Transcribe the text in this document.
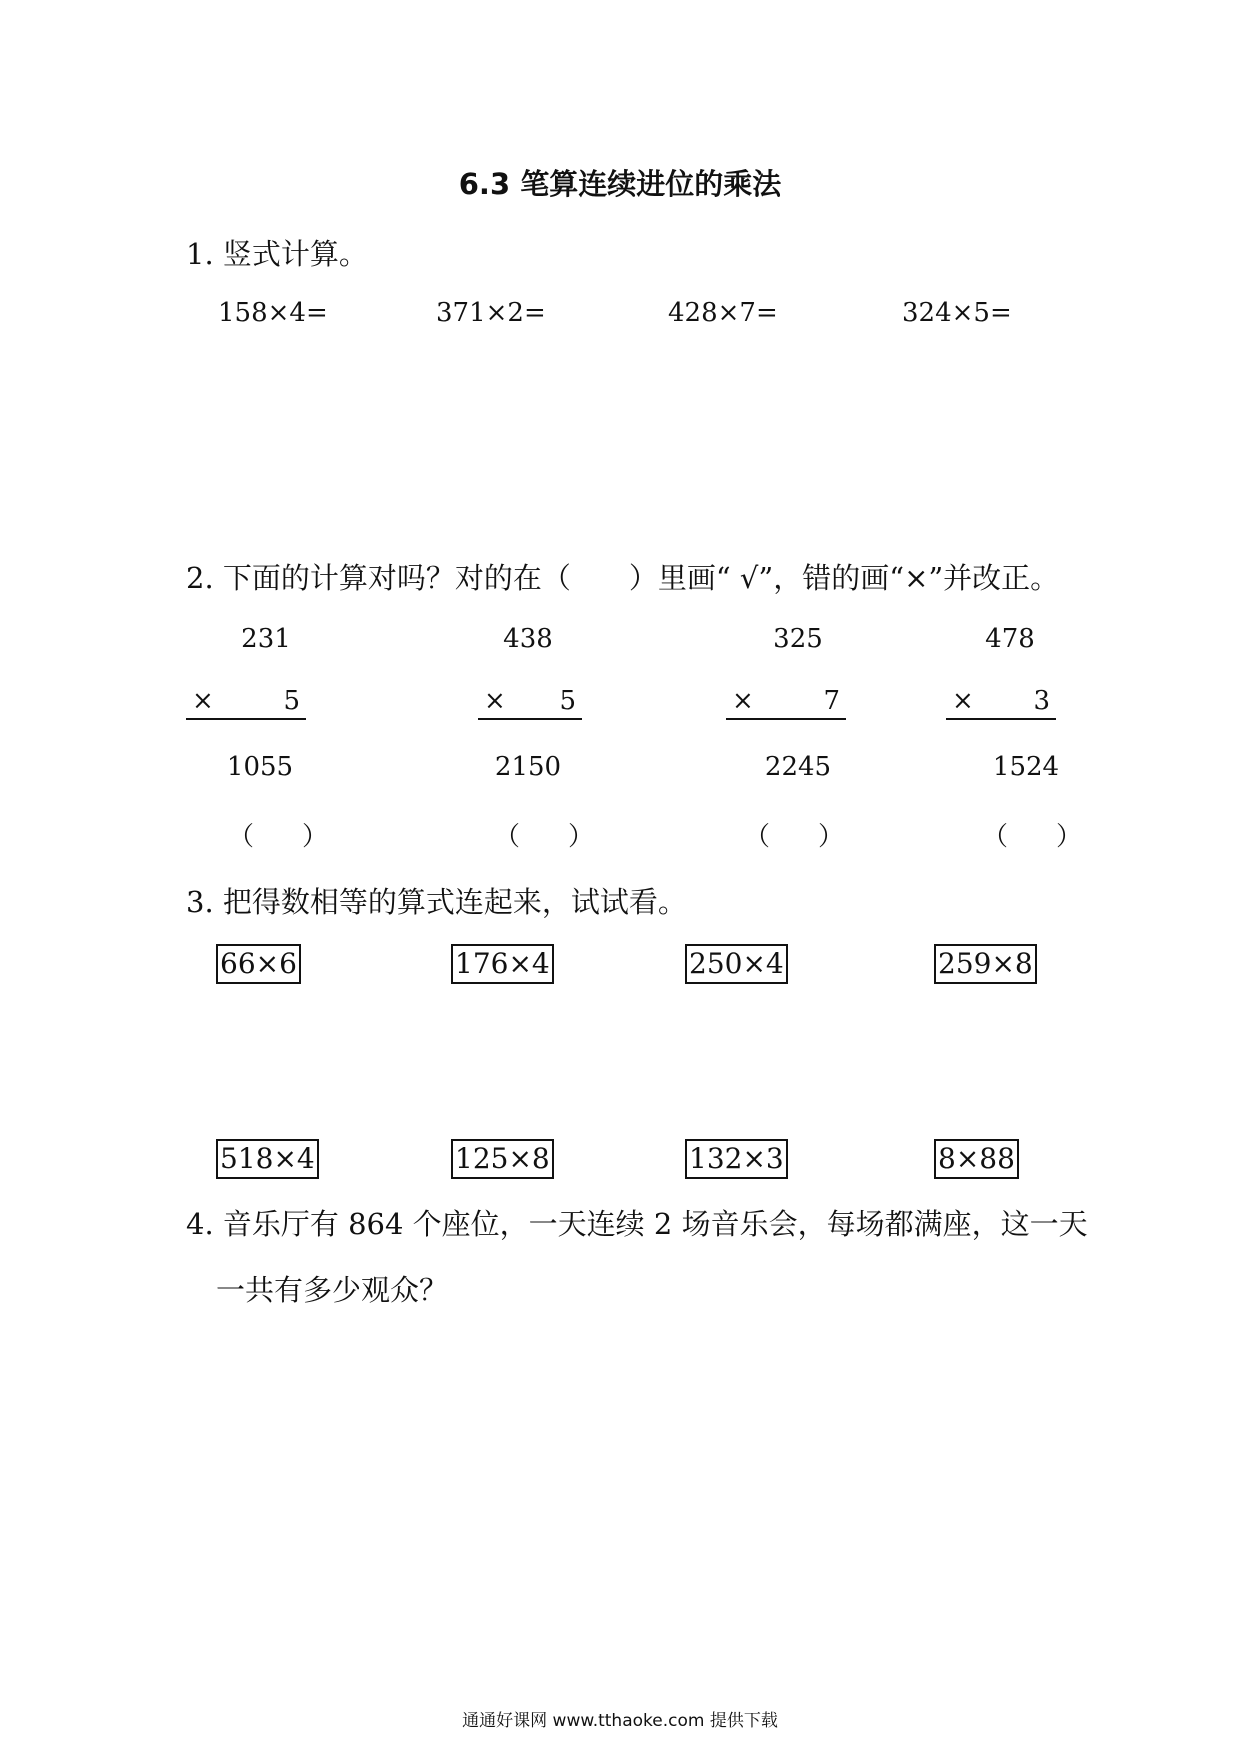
6.3 笔算连续进位的乘法
1. 竖式计算。
158×4=	371×2=	428×7=	324×5=
2. 下面的计算对吗？对的在（　　）里画“ √”，错的画“×”并改正。
231
×	5
1055
（ ）
438
× 5
2150
（ ）
325
×	7
2245
（ ）
478
× 3
1524
（ ）
3. 把得数相等的算式连起来，试试看。
66×6	176×4	250×4	259×8
518×4	125×8	132×3	8×88
4. 音乐厅有 864 个座位，一天连续 2 场音乐会，每场都满座，这一天
一共有多少观众？
通通好课网 www.tthaoke.com 提供下载
